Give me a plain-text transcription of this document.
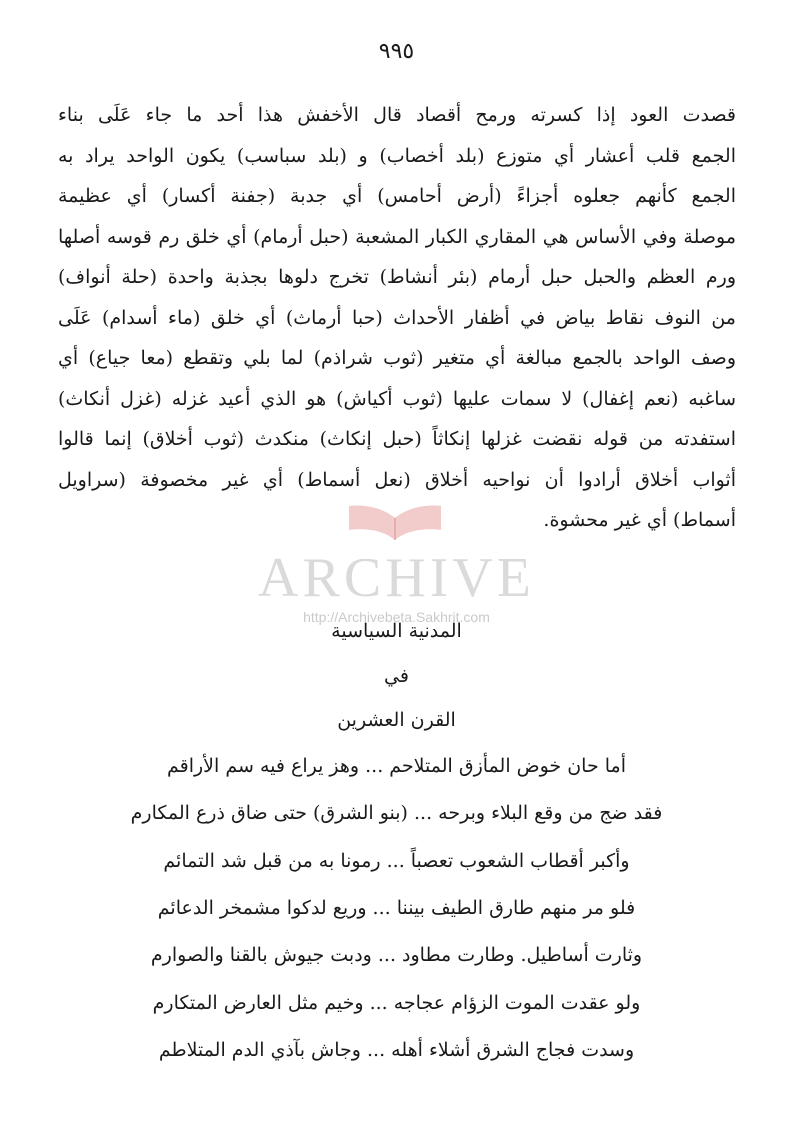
٩٩٥

قصدت العود إذا كسرته ورمح أقصاد قال الأخفش هذا أحد ما جاء عَلَى بناء

الجمع قلب أعشار أي متوزع (بلد أخصاب) و (بلد سباسب) يكون الواحد يراد به

الجمع كأنهم جعلوه أجزاءً (أرض أحامس) أي جدبة (جفنة أكسار) أي عظيمة

موصلة وفي الأساس هي المقاري الكبار المشعبة (حبل أرمام) أي خلق رم قوسه أصلها

ورم العظم والحبل حبل أرمام (بئر أنشاط) تخرج دلوها بجذبة واحدة (حلة أنواف)

من النوف نقاط بياض في أظفار الأحداث (حبا أرماث) أي خلق (ماء أسدام) عَلَى

وصف الواحد بالجمع مبالغة أي متغير (ثوب شراذم) لما بلي وتقطع (معا جياع) أي

ساغبه (نعم إغفال) لا سمات عليها (ثوب أكياش) هو الذي أعيد غزله (غزل أنكاث)

استفدته من قوله نقضت غزلها إنكاثاً (حبل إنكاث) منكدث (ثوب أخلاق) إنما قالوا

أثواب أخلاق أرادوا أن نواحيه أخلاق (نعل أسماط) أي غير مخصوفة (سراويل

أسماط) أي غير محشوة.

ARCHIVE
http://Archivebeta.Sakhrit.com
المدنية السياسية
في
القرن العشرين
أما حان خوض المأزق المتلاحم ... وهز يراع فيه سم الأراقم
فقد ضج من وقع البلاء وبرحه ... (بنو الشرق) حتى ضاق ذرع المكارم
وأكبر أقطاب الشعوب تعصباً ... رمونا به من قبل شد التمائم
فلو مر منهم طارق الطيف بيننا ... وريع لدكوا مشمخر الدعائم
وثارت أساطيل. وطارت مطاود ... ودبت جيوش بالقنا والصوارم
ولو عقدت الموت الزؤام عجاجه ... وخيم مثل العارض المتكارم
وسدت فجاج الشرق أشلاء أهله ... وجاش بآذي الدم المتلاطم
